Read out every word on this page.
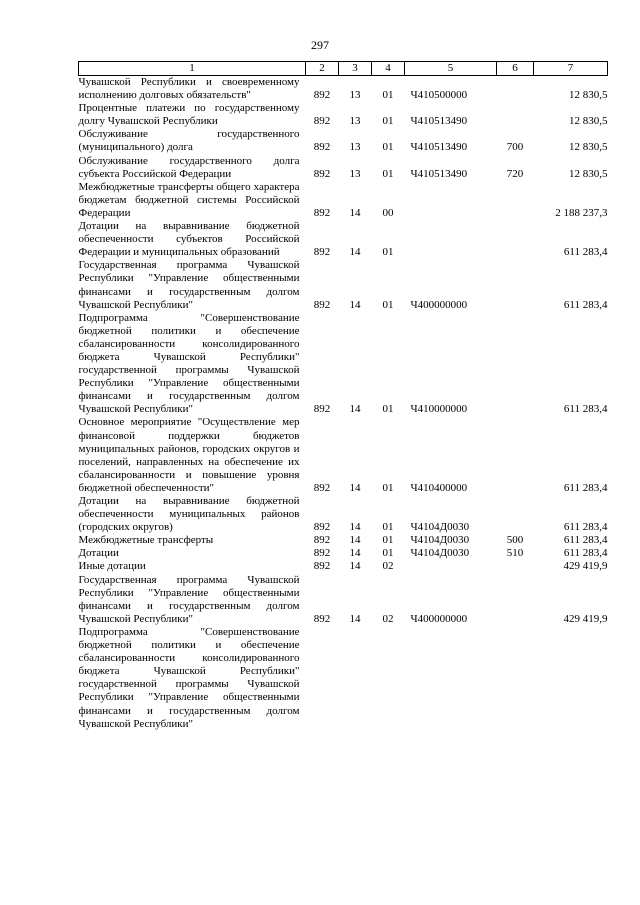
297
1	2	3	4	5	6	7
Чувашской Республики и своевременному исполнению долговых обязательств"	892	13	01	Ч410500000		12 830,5
Процентные платежи по государственному долгу Чувашской Республики	892	13	01	Ч410513490		12 830,5
Обслуживание государственного (муниципального) долга	892	13	01	Ч410513490	700	12 830,5
Обслуживание государственного долга субъекта Российской Федерации	892	13	01	Ч410513490	720	12 830,5
Межбюджетные трансферты общего характера бюджетам бюджетной системы Российской Федерации	892	14	00			2 188 237,3
Дотации на выравнивание бюджетной обеспеченности субъектов Российской Федерации и муниципальных образований	892	14	01			611 283,4
Государственная программа Чувашской Республики "Управление общественными финансами и государственным долгом Чувашской Республики"	892	14	01	Ч400000000		611 283,4
Подпрограмма "Совершенствование бюджетной политики и обеспечение сбалансированности консолидированного бюджета Чувашской Республики" государственной программы Чувашской Республики "Управление общественными финансами и государственным долгом Чувашской Республики"	892	14	01	Ч410000000		611 283,4
Основное мероприятие "Осуществление мер финансовой поддержки бюджетов муниципальных районов, городских округов и поселений, направленных на обеспечение их сбалансированности и повышение уровня бюджетной обеспеченности"	892	14	01	Ч410400000		611 283,4
Дотации на выравнивание бюджетной обеспеченности муниципальных районов (городских округов)	892	14	01	Ч4104Д0030		611 283,4
Межбюджетные трансферты	892	14	01	Ч4104Д0030	500	611 283,4
Дотации	892	14	01	Ч4104Д0030	510	611 283,4
Иные дотации	892	14	02			429 419,9
Государственная программа Чувашской Республики "Управление общественными финансами и государственным долгом Чувашской Республики"	892	14	02	Ч400000000		429 419,9
Подпрограмма "Совершенствование бюджетной политики и обеспечение сбалансированности консолидированного бюджета Чувашской Республики" государственной программы Чувашской Республики "Управление общественными финансами и государственным долгом Чувашской Республики"						
